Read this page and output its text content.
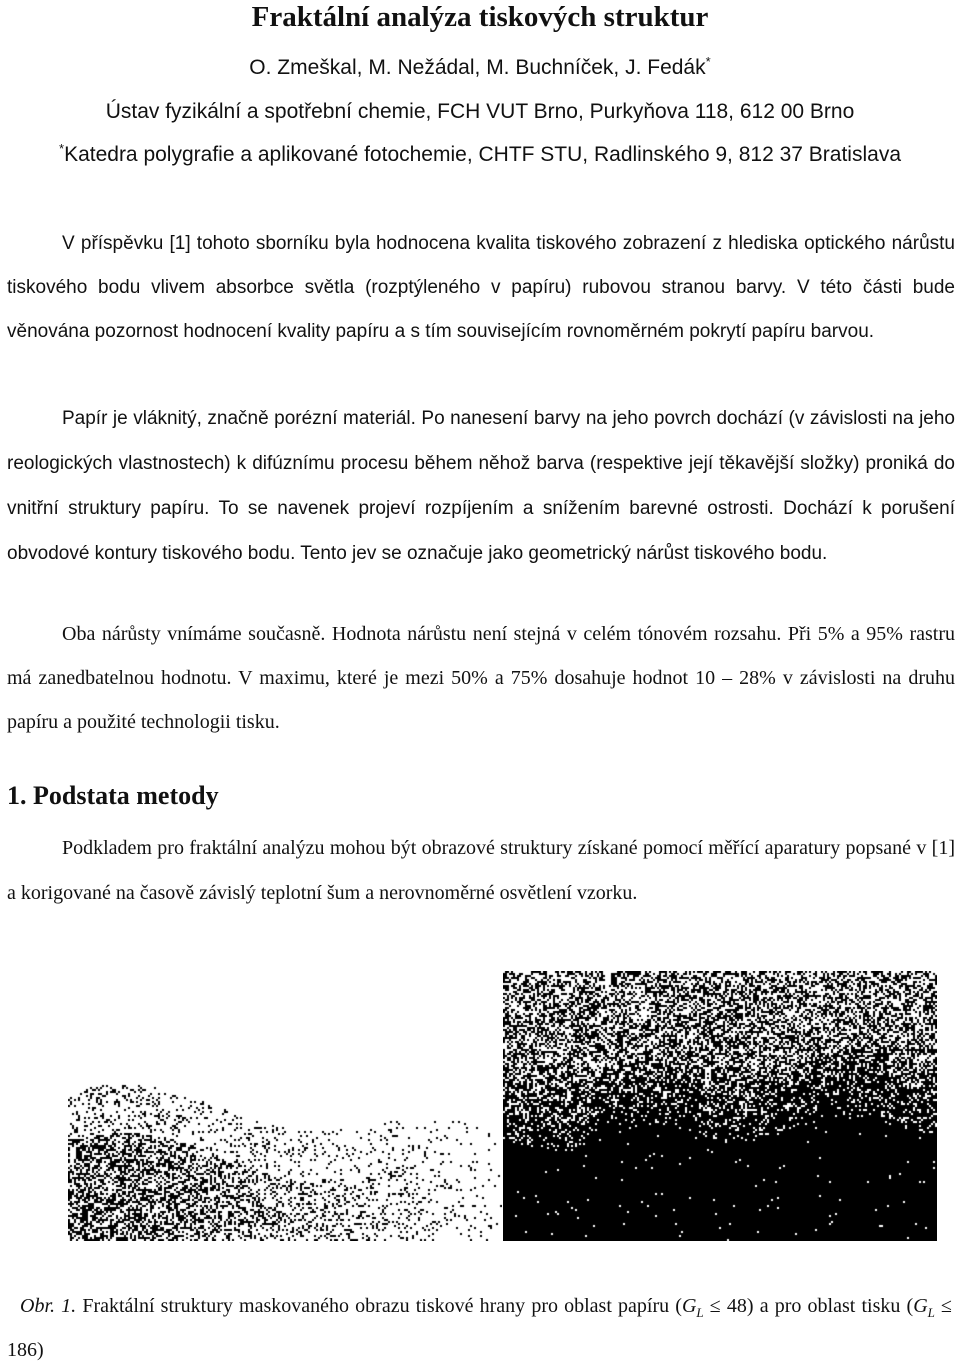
Fraktální analýza tiskových struktur
O. Zmeškal, M. Nežádal, M. Buchníček, J. Fedák*
Ústav fyzikální a spotřební chemie, FCH VUT Brno, Purkyňova 118, 612 00 Brno
*Katedra polygrafie a aplikované fotochemie, CHTF STU, Radlinského 9, 812 37 Bratislava
V příspěvku [1] tohoto sborníku byla hodnocena kvalita tiskového zobrazení z hlediska optického nárůstu tiskového bodu vlivem absorbce světla (rozptýleného v papíru) rubovou stranou barvy. V této části bude věnována pozornost hodnocení kvality papíru a s tím souvisejícím rovnoměrném pokrytí papíru barvou.
Papír je vláknitý, značně porézní materiál. Po nanesení barvy na jeho povrch dochází (v závislosti na jeho reologických vlastnostech) k difúznímu procesu během něhož barva (respektive její těkavější složky) proniká do vnitřní struktury papíru. To se navenek projeví rozpíjením a snížením barevné ostrosti. Dochází k porušení obvodové kontury tiskového bodu. Tento jev se označuje jako geometrický nárůst tiskového bodu.
Oba nárůsty vnímáme současně. Hodnota nárůstu není stejná v celém tónovém rozsahu. Při 5% a 95% rastru má zanedbatelnou hodnotu. V maximu, které je mezi 50% a 75% dosahuje hodnot 10 – 28% v závislosti na druhu papíru a použité technologii tisku.
1. Podstata metody
Podkladem pro fraktální analýzu mohou být obrazové struktury získané pomocí měřící aparatury popsané v [1] a korigované na časově závislý teplotní šum a nerovnoměrné osvětlení vzorku.
Obr. 1. Fraktální struktury maskovaného obrazu tiskové hrany pro oblast papíru $(G_L \le 48)$ a pro oblast tisku $(G_L \le 186)$
